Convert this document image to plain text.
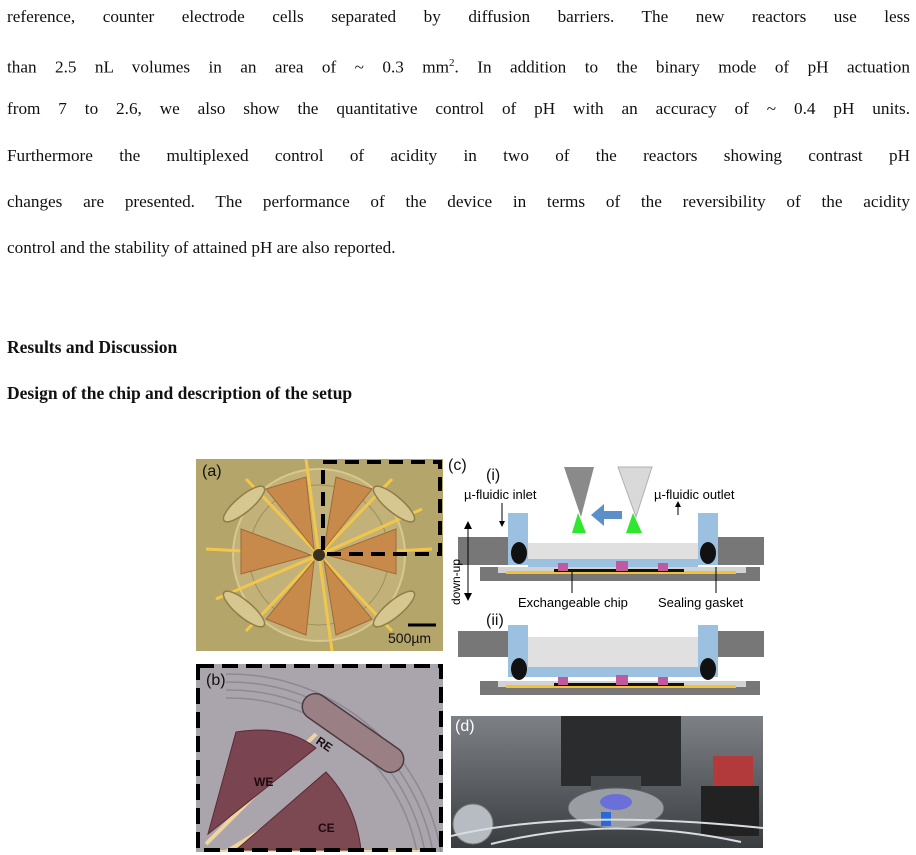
reference, counter electrode cells separated by diffusion barriers. The new reactors use less
than 2.5 nL volumes in an area of ~ 0.3 $mm^2$. In addition to the binary mode of pH actuation
from 7 to 2.6, we also show the quantitative control of pH with an accuracy of ~ 0.4 pH units.
Furthermore the multiplexed control of acidity in two of the reactors showing contrast pH
changes are presented. The performance of the device in terms of the reversibility of the acidity
control and the stability of attained pH are also reported.
Results and Discussion
Design of the chip and description of the setup
(a)
500µm
WE
RE
CE
(b)
down-up
µ-fluidic inlet	µ-fluidic outlet
Exchangeable chip Sealing gasket
(c)
(i)
(ii)
(d)
